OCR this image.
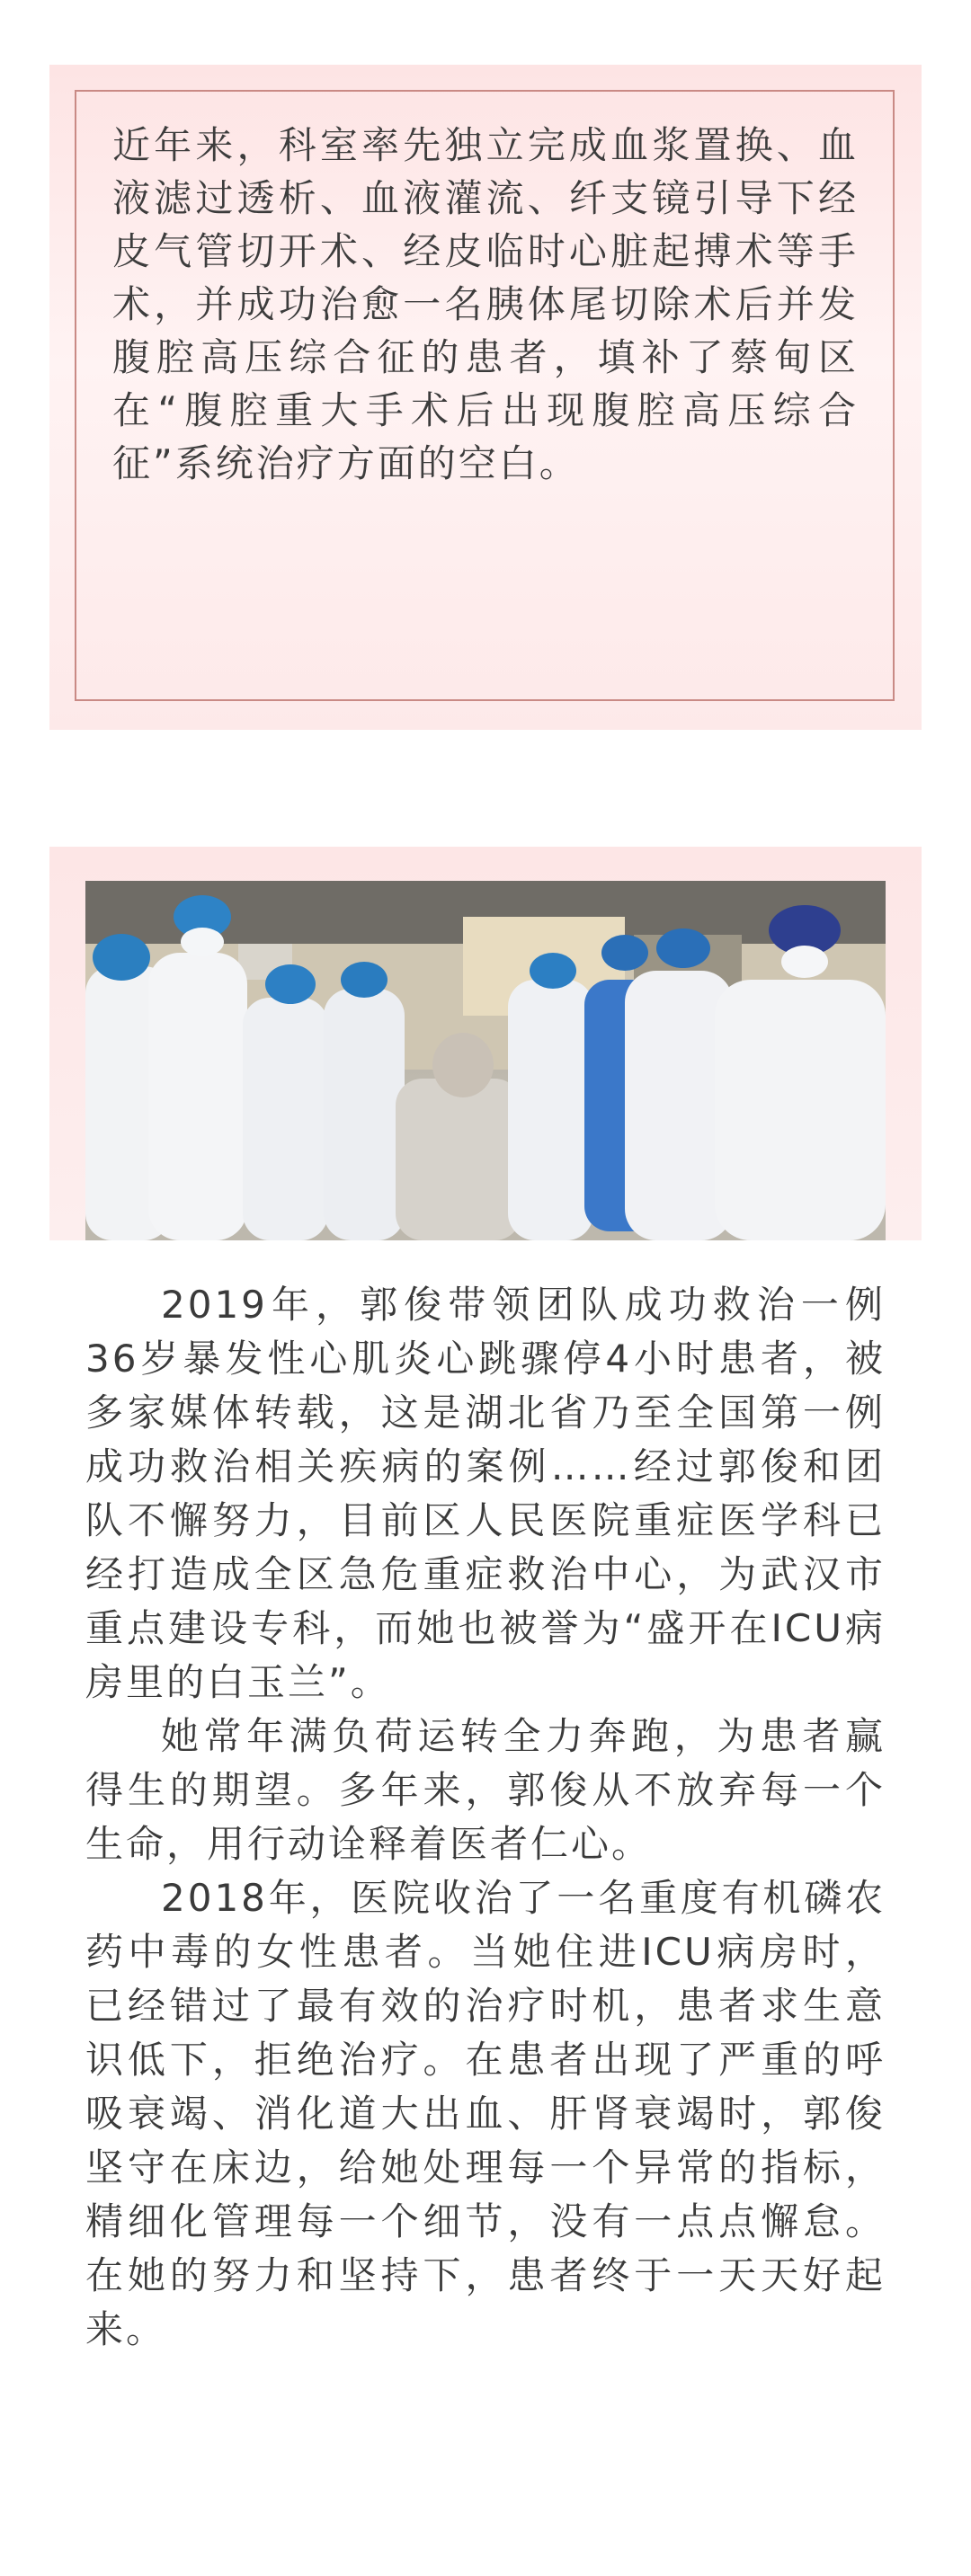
近年来，科室率先独立完成血浆置换、血液滤过透析、血液灌流、纤支镜引导下经皮气管切开术、经皮临时心脏起搏术等手术，并成功治愈一名胰体尾切除术后并发腹腔高压综合征的患者，填补了蔡甸区在“腹腔重大手术后出现腹腔高压综合征”系统治疗方面的空白。

2019年，郭俊带领团队成功救治一例36岁暴发性心肌炎心跳骤停4小时患者，被多家媒体转载，这是湖北省乃至全国第一例成功救治相关疾病的案例……经过郭俊和团队不懈努力，目前区人民医院重症医学科已经打造成全区急危重症救治中心，为武汉市重点建设专科，而她也被誉为“盛开在ICU病房里的白玉兰”。

她常年满负荷运转全力奔跑，为患者赢得生的期望。多年来，郭俊从不放弃每一个生命，用行动诠释着医者仁心。

2018年，医院收治了一名重度有机磷农药中毒的女性患者。当她住进ICU病房时，已经错过了最有效的治疗时机，患者求生意识低下，拒绝治疗。在患者出现了严重的呼吸衰竭、消化道大出血、肝肾衰竭时，郭俊坚守在床边，给她处理每一个异常的指标，精细化管理每一个细节，没有一点点懈怠。在她的努力和坚持下，患者终于一天天好起来。
